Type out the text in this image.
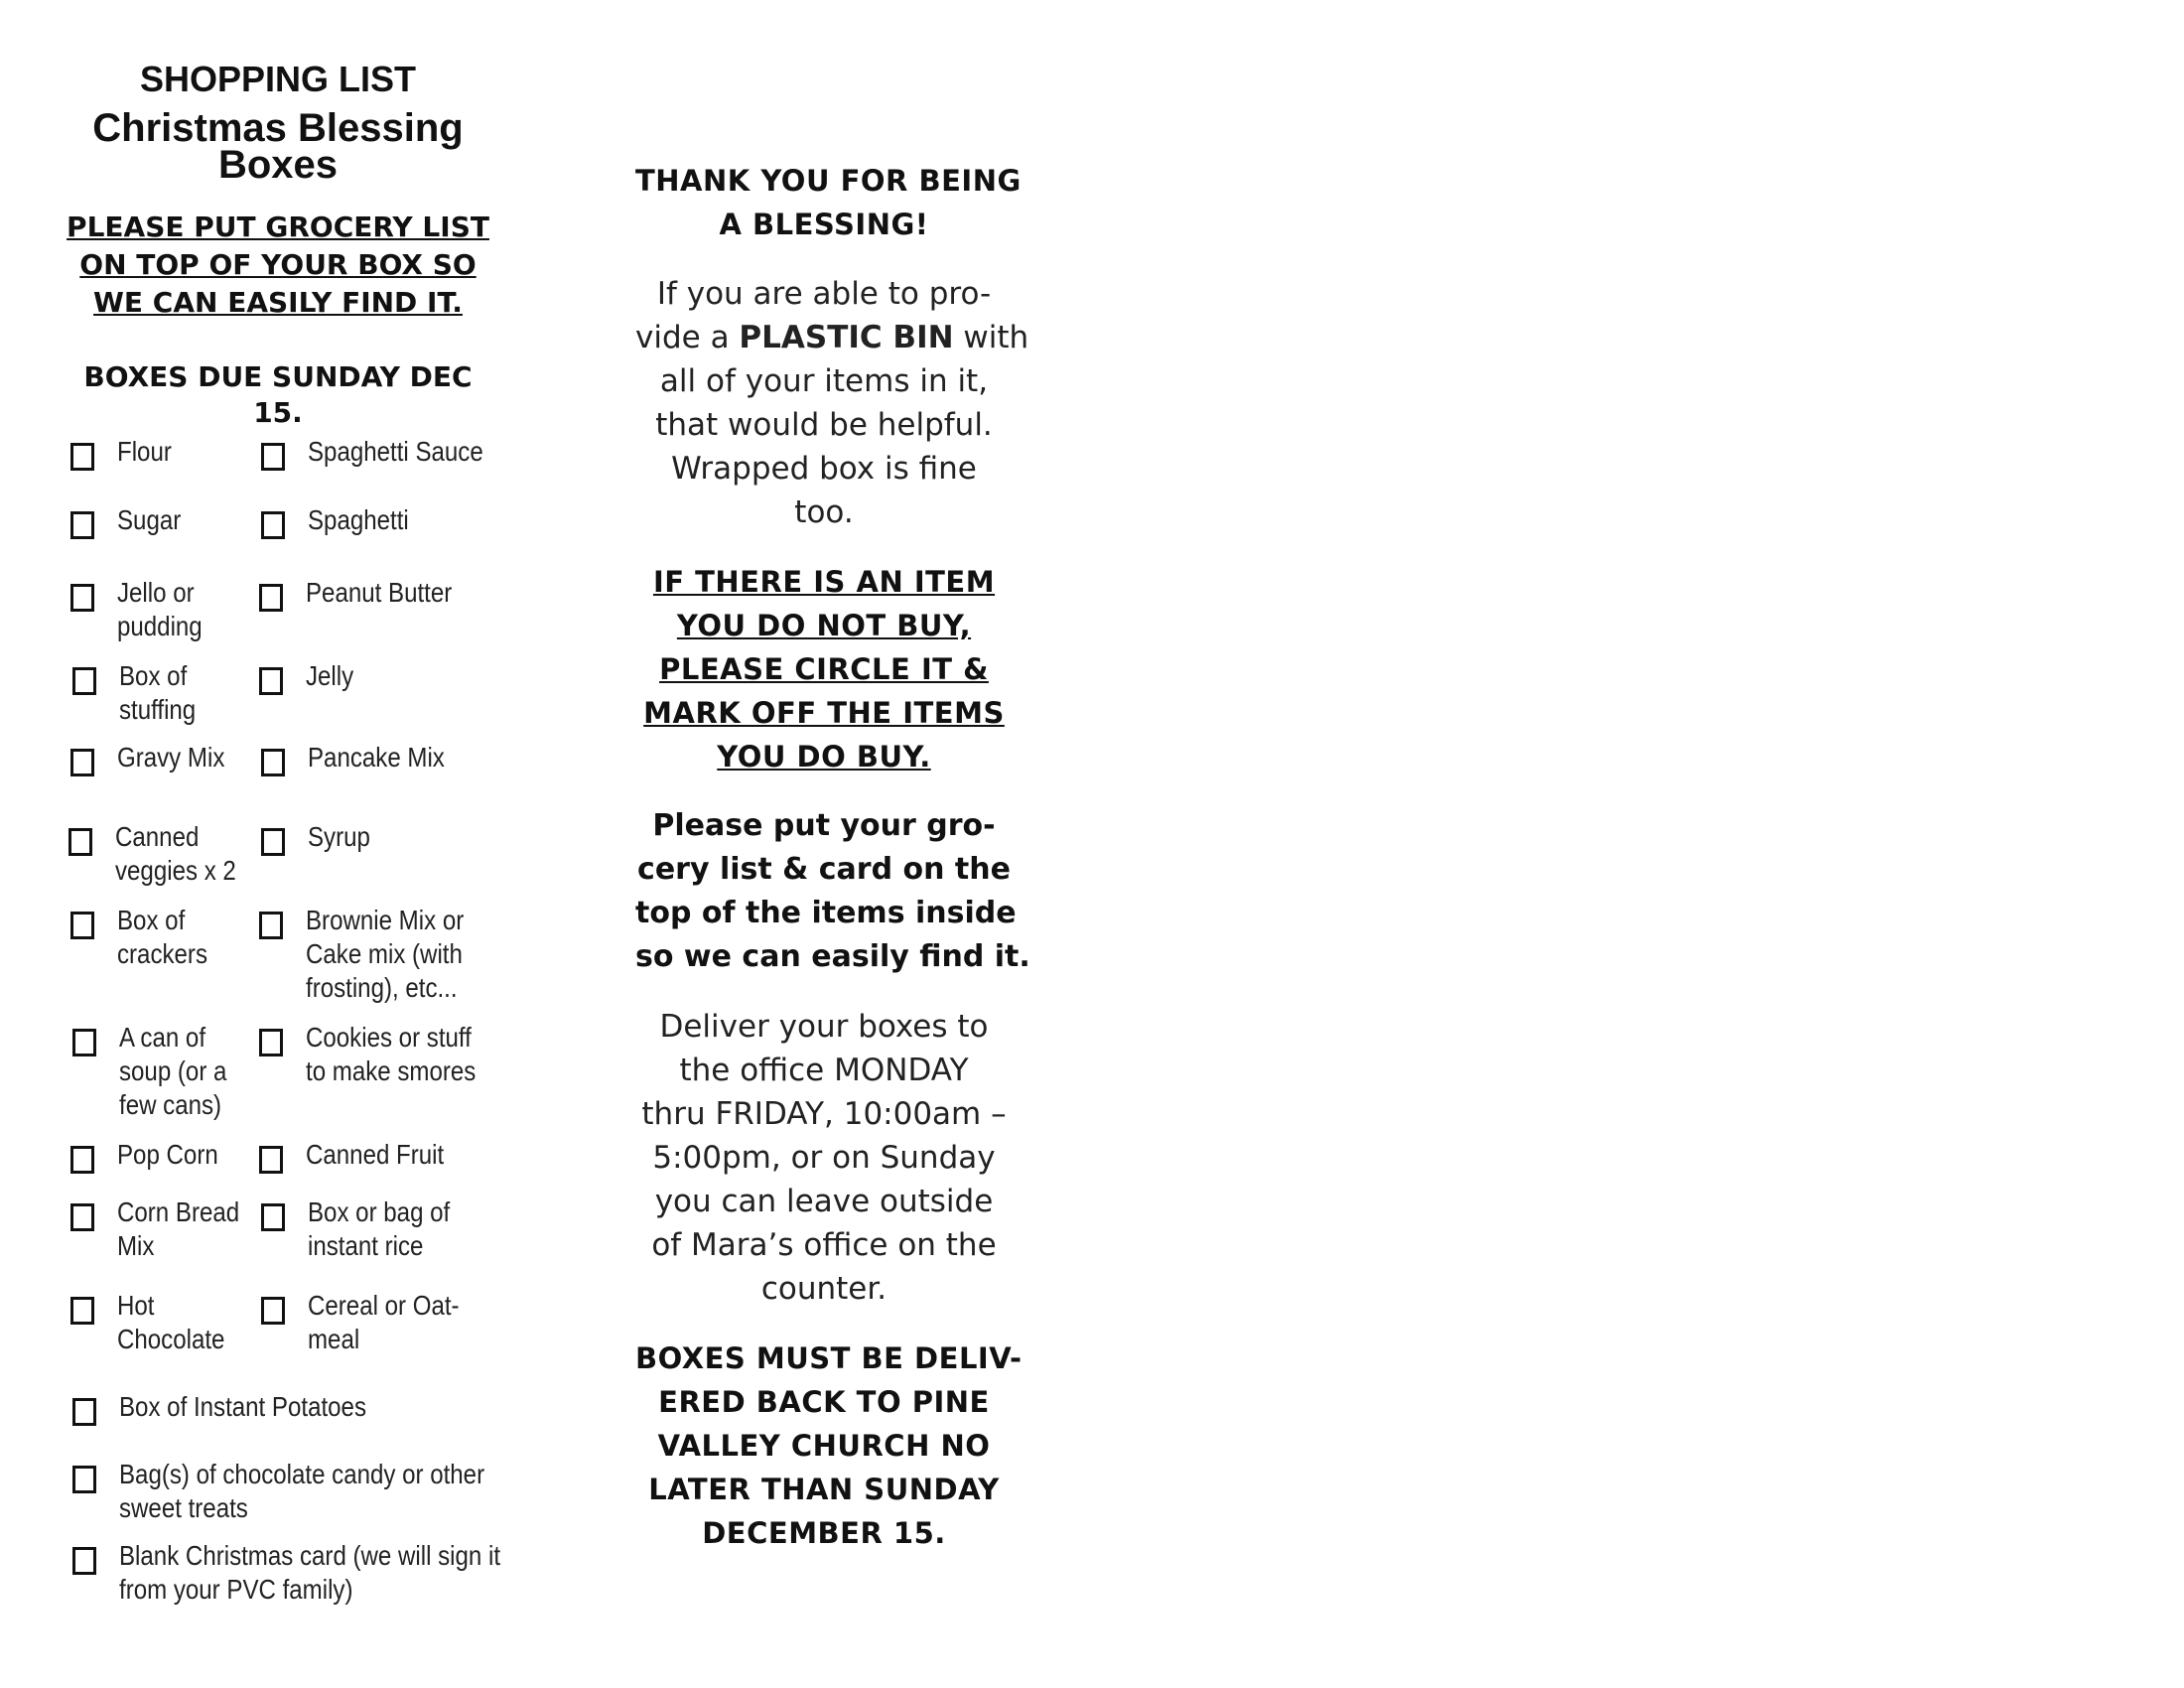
SHOPPING LIST
Christmas Blessing
Boxes
PLEASE PUT GROCERY LIST
ON TOP OF YOUR BOX SO
WE CAN EASILY FIND IT.
BOXES DUE SUNDAY DEC 15.
Flour
Sugar
Jello or
pudding
Box of
stuffing
Gravy Mix
Canned
veggies x 2
Box of
crackers
A can of
soup (or a
few cans)
Pop Corn
Corn Bread
Mix
Hot
Chocolate
Spaghetti Sauce
Spaghetti
Peanut Butter
Jelly
Pancake Mix
Syrup
Brownie Mix or
Cake mix (with
frosting), etc...
Cookies or stuff
to make smores
Canned Fruit
Box or bag of
instant rice
Cereal or Oat-
meal
Box of Instant Potatoes
Bag(s) of chocolate candy or other
sweet treats
Blank Christmas card (we will sign it
from your PVC family)
THANK YOU FOR BEING
A BLESSING!
If you are able to pro-
vide a PLASTIC BIN with
all of your items in it,
that would be helpful.
Wrapped box is fine
too.
IF THERE IS AN ITEM
YOU DO NOT BUY,
PLEASE CIRCLE IT &
MARK OFF THE ITEMS
YOU DO BUY.
Please put your gro-
cery list & card on the
top of the items inside
so we can easily find it.
Deliver your boxes to
the office MONDAY
thru FRIDAY, 10:00am –
5:00pm, or on Sunday
you can leave outside
of Mara’s office on the
counter.
BOXES MUST BE DELIV-
ERED BACK TO PINE
VALLEY CHURCH NO
LATER THAN SUNDAY
DECEMBER 15.
